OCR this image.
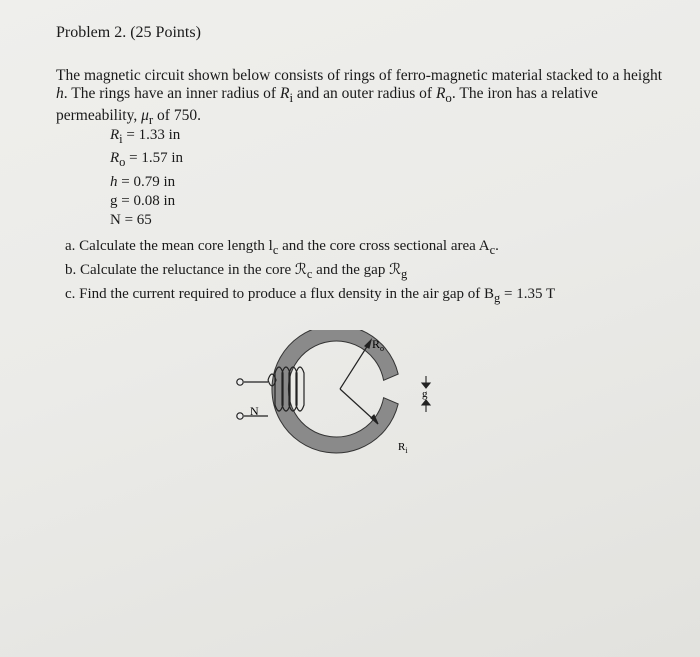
Problem 2. (25 Points)
The magnetic circuit shown below consists of rings of ferro-magnetic material stacked to a height h. The rings have an inner radius of $R_i$ and an outer radius of $R_o$. The iron has a relative permeability, $\mu_r$ of 750.
$R_i = 1.33$ in
$R_o = 1.57$ in
h = 0.79 in
g = 0.08 in
N = 65
a. Calculate the mean core length $l_c$ and the core cross sectional area $A_c$.
b. Calculate the reluctance in the core ℛ$_c$ and the gap ℛ$_g$
c. Find the current required to produce a flux density in the air gap of $B_g = 1.35$ T
$R_o$
$R_i$
g
N
